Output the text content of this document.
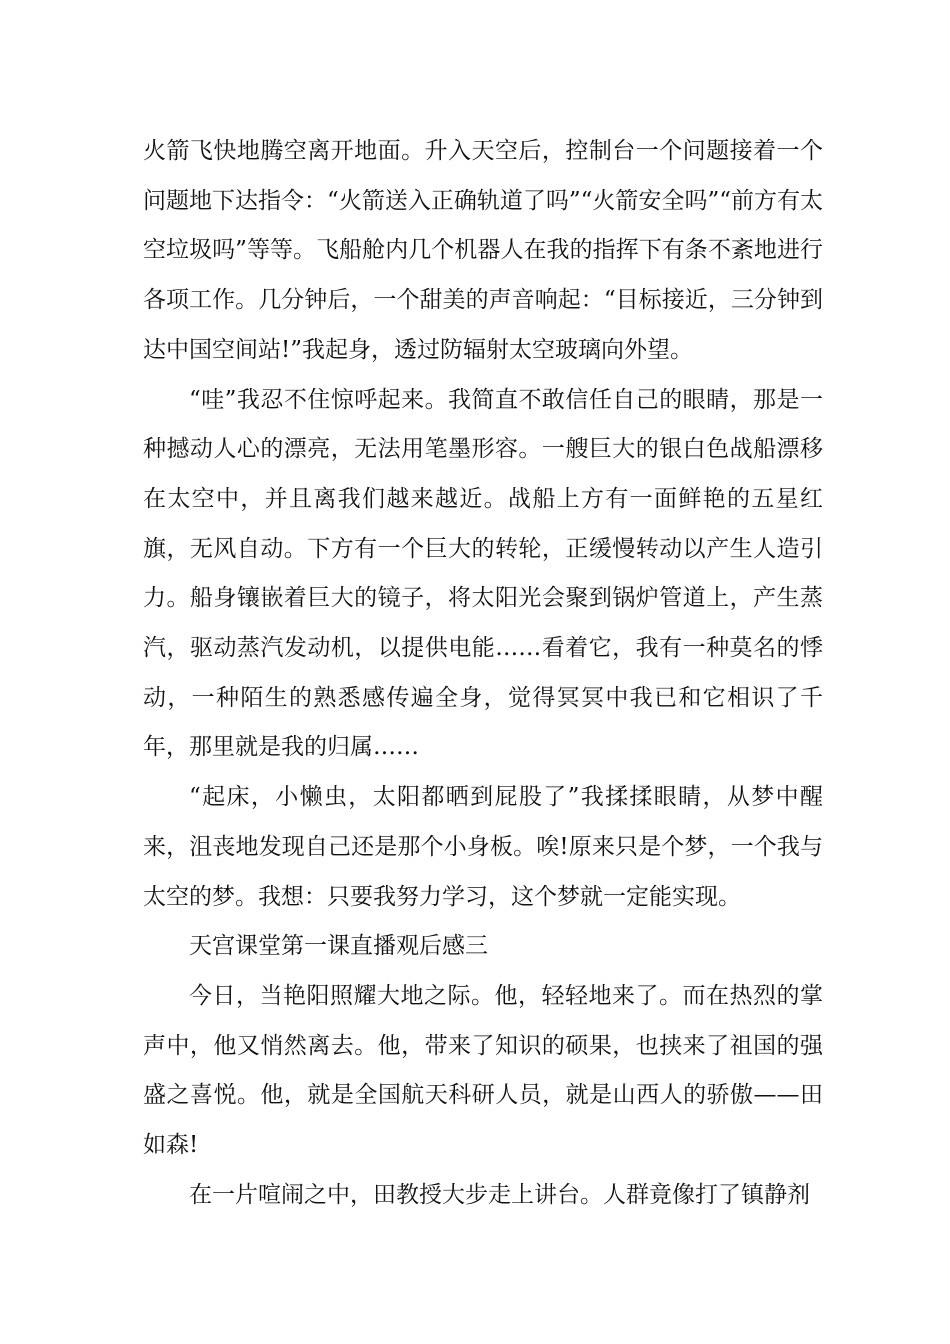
火箭飞快地腾空离开地面。升入天空后，控制台一个问题接着一个问题地下达指令：“火箭送入正确轨道了吗”“火箭安全吗”“前方有太空垃圾吗”等等。飞船舱内几个机器人在我的指挥下有条不紊地进行各项工作。几分钟后，一个甜美的声音响起：“目标接近，三分钟到达中国空间站!”我起身，透过防辐射太空玻璃向外望。

“哇”我忍不住惊呼起来。我简直不敢信任自己的眼睛，那是一种撼动人心的漂亮，无法用笔墨形容。一艘巨大的银白色战船漂移在太空中，并且离我们越来越近。战船上方有一面鲜艳的五星红旗，无风自动。下方有一个巨大的转轮，正缓慢转动以产生人造引力。船身镶嵌着巨大的镜子，将太阳光会聚到锅炉管道上，产生蒸汽，驱动蒸汽发动机，以提供电能……看着它，我有一种莫名的悸动，一种陌生的熟悉感传遍全身，觉得冥冥中我已和它相识了千年，那里就是我的归属……

“起床，小懒虫，太阳都晒到屁股了”我揉揉眼睛，从梦中醒来，沮丧地发现自己还是那个小身板。唉!原来只是个梦，一个我与太空的梦。我想：只要我努力学习，这个梦就一定能实现。

天宫课堂第一课直播观后感三

今日，当艳阳照耀大地之际。他，轻轻地来了。而在热烈的掌声中，他又悄然离去。他，带来了知识的硕果，也挟来了祖国的强盛之喜悦。他，就是全国航天科研人员，就是山西人的骄傲——田如森!

在一片喧闹之中，田教授大步走上讲台。人群竟像打了镇静剂
